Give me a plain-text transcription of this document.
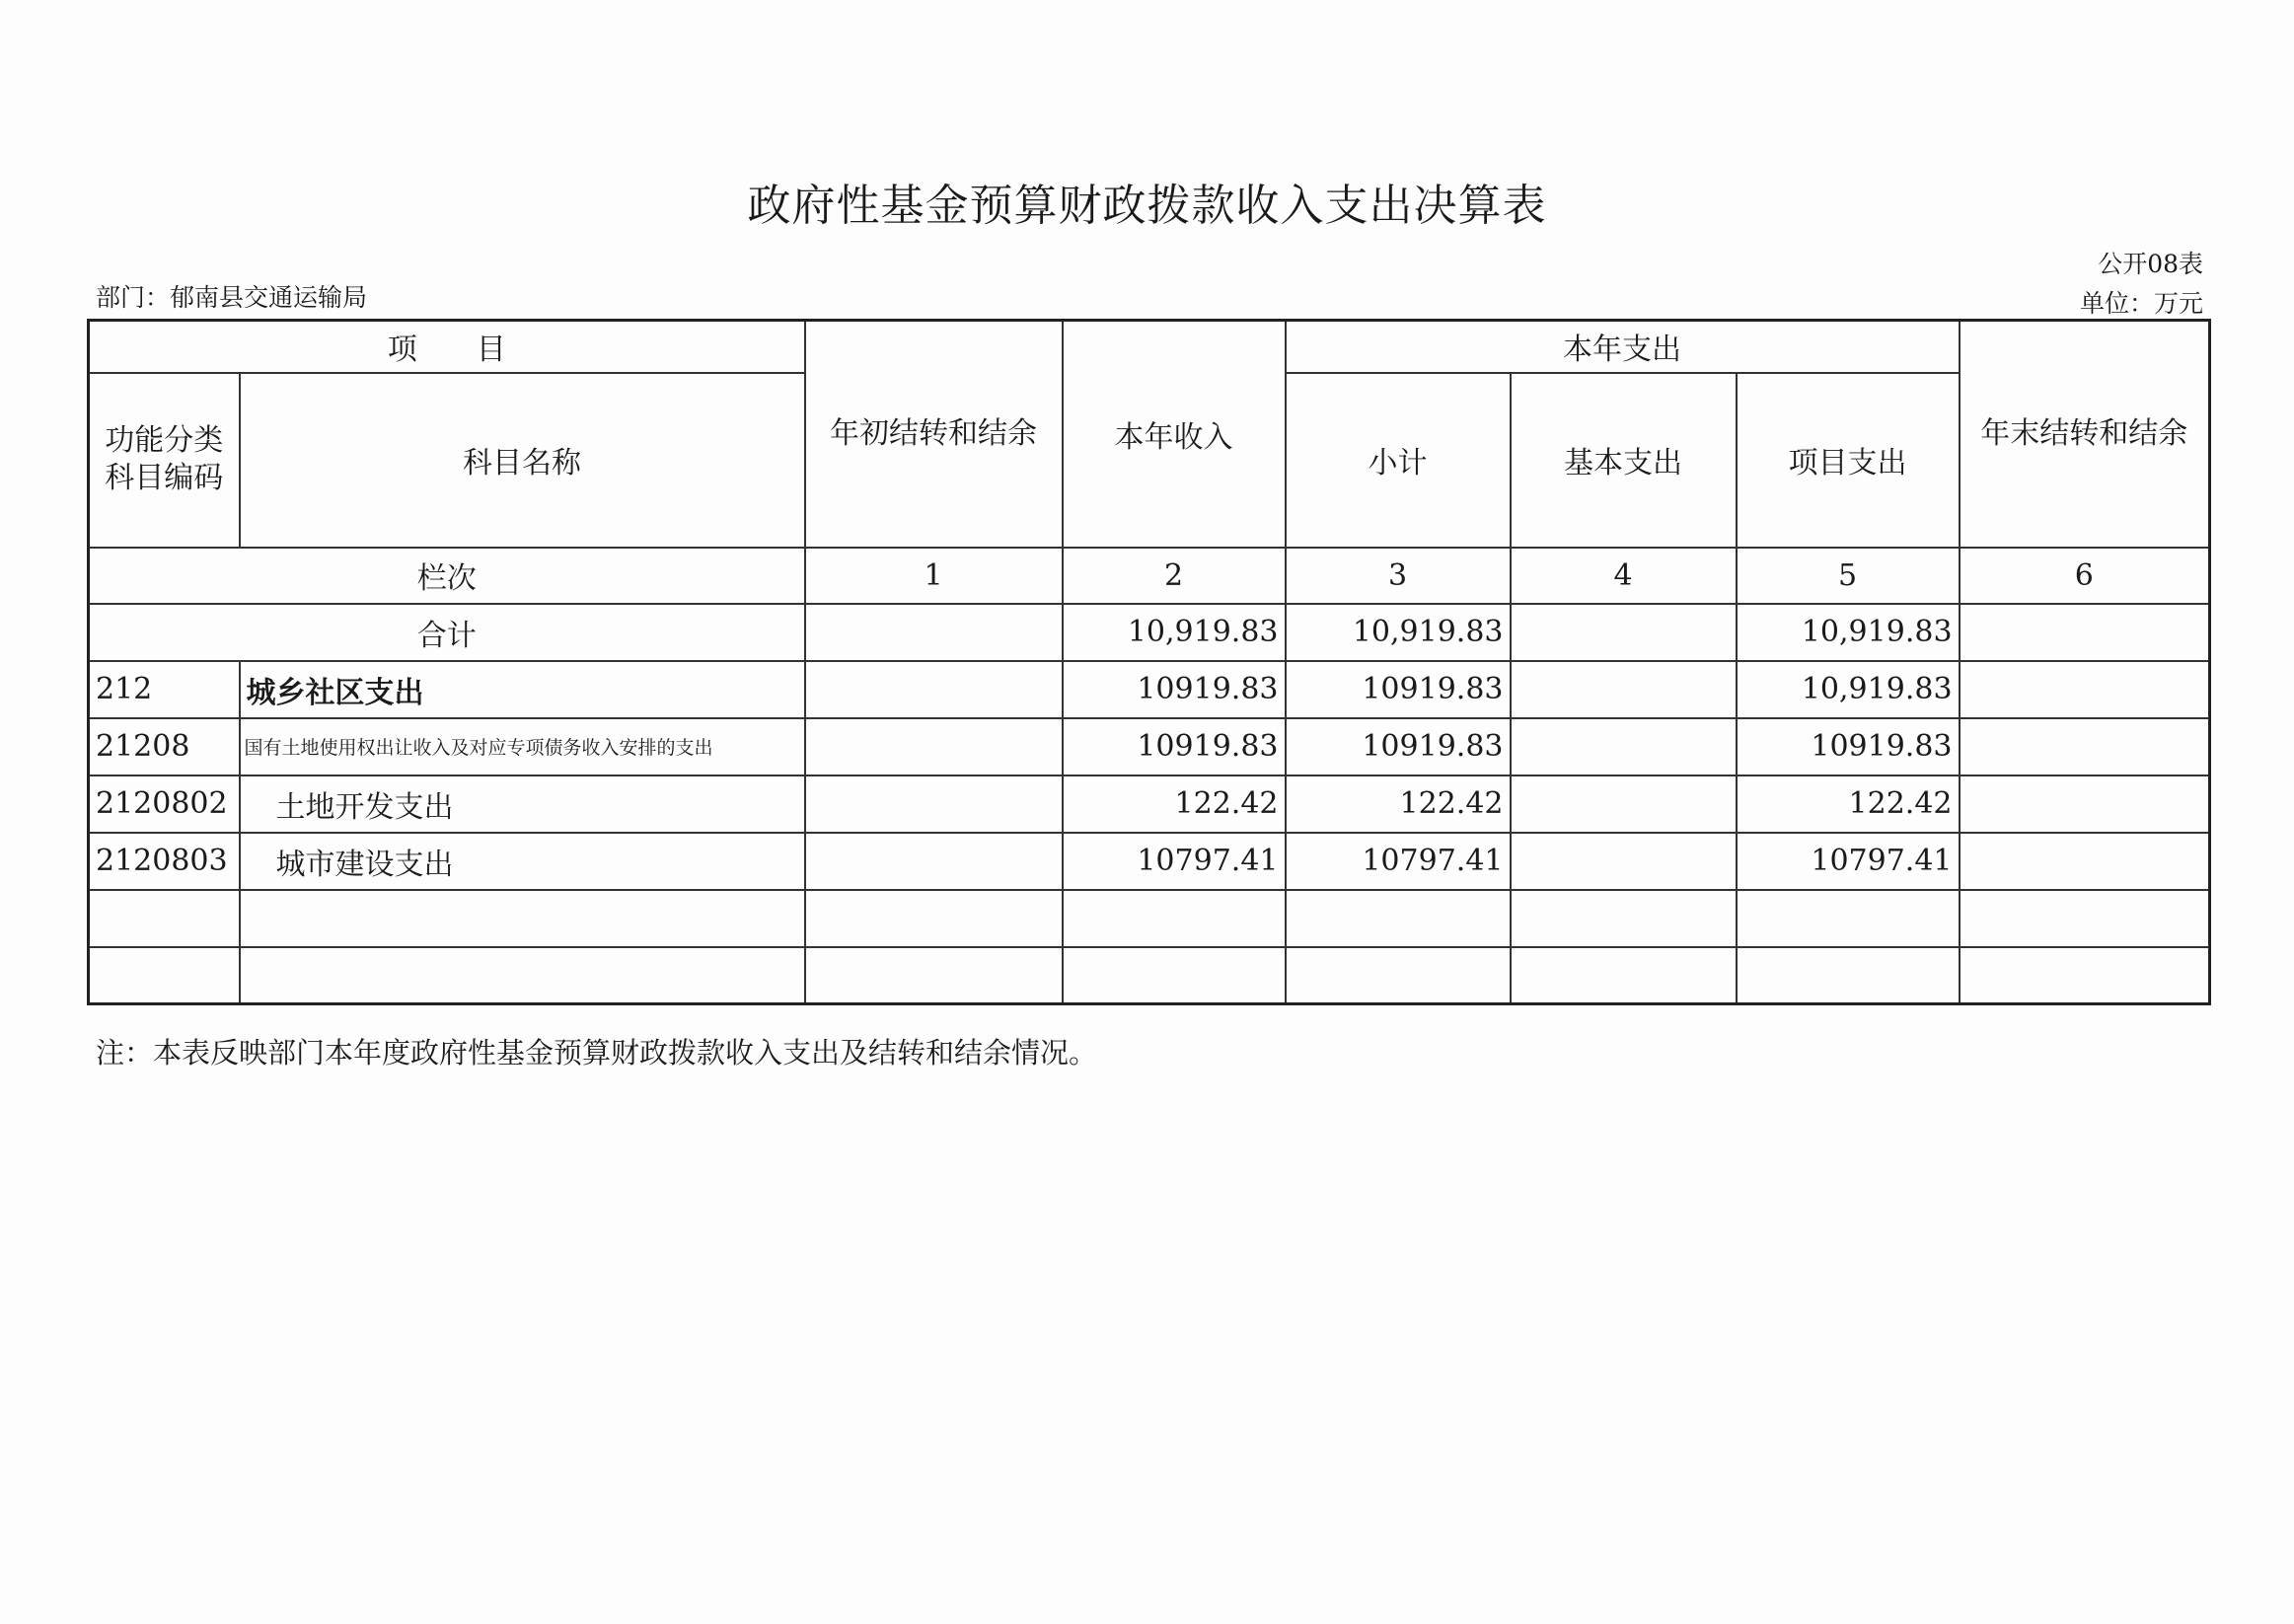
政府性基金预算财政拨款收入支出决算表
公开08表
单位：万元
部门：郁南县交通运输局
项　　目		年初结转和结余	本年收入	本年支出			年末结转和结余
功能分类科目编码	科目名称			小计	基本支出	项目支出	

栏次		1	2	3	4	5	6
合计			10,919.83	10,919.83		10,919.83	
212	城乡社区支出		10919.83	10919.83		10,919.83	
21208	国有土地使用权出让收入及对应专项债务收入安排的支出		10919.83	10919.83		10919.83	
2120802	土地开发支出		122.42	122.42		122.42	
2120803	城市建设支出		10797.41	10797.41		10797.41	

注：本表反映部门本年度政府性基金预算财政拨款收入支出及结转和结余情况。
